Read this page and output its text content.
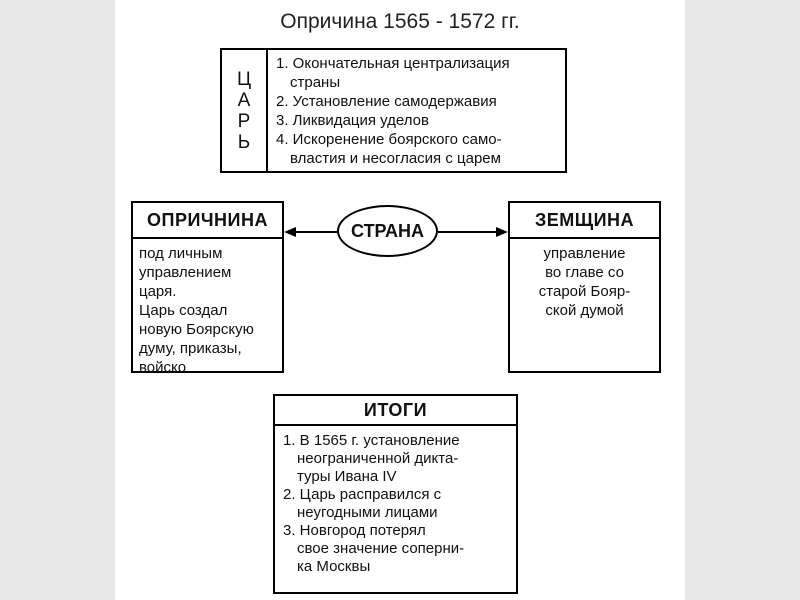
Опричина 1565 - 1572 гг.
Ц
А
Р
Ь
1. Окончательная централизация
страны
2. Установление самодержавия
3. Ликвидация уделов
4. Искоренение боярского само-
властия и несогласия с царем
СТРАНА
ОПРИЧНИНА
под личным
управлением
царя.
Царь создал
новую Боярскую
думу, приказы,
войско
ЗЕМЩИНА
управление
во главе со
старой Бояр-
ской думой
ИТОГИ
1. В 1565 г. установление
неограниченной дикта-
туры Ивана IV
2. Царь расправился с
неугодными лицами
3. Новгород потерял
свое значение соперни-
ка Москвы
